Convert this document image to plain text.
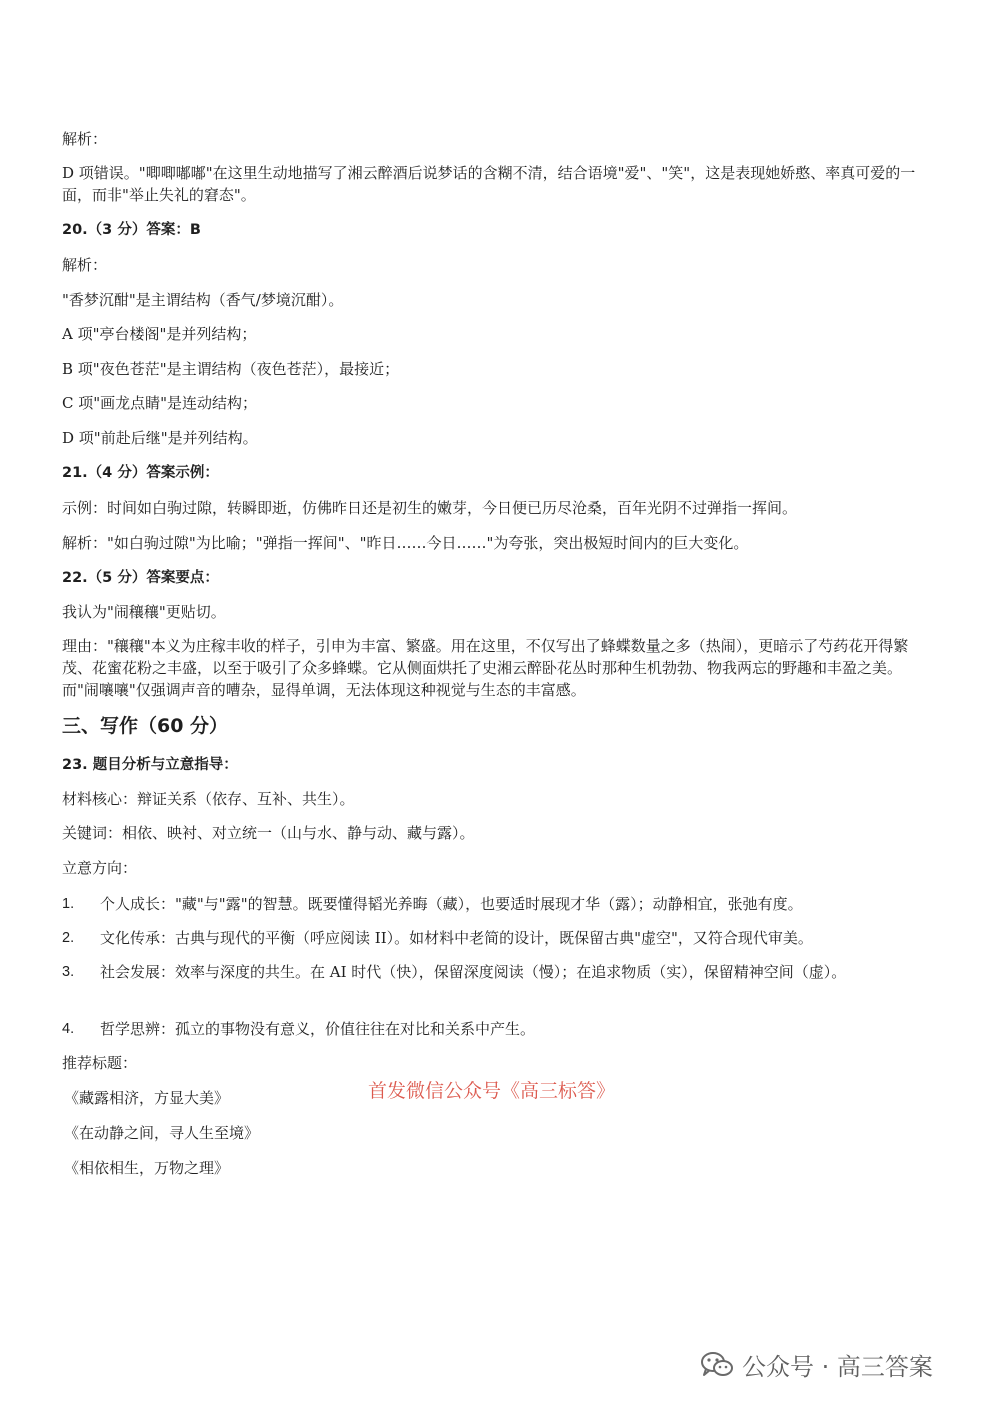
解析：
D 项错误。"唧唧嘟嘟"在这里生动地描写了湘云醉酒后说梦话的含糊不清，结合语境"爱"、"笑"，这是表现她娇憨、率真可爱的一面，而非"举止失礼的窘态"。
20.（3 分）答案：B
解析：
"香梦沉酣"是主谓结构（香气/梦境沉酣）。
A 项"亭台楼阁"是并列结构；
B 项"夜色苍茫"是主谓结构（夜色苍茫），最接近；
C 项"画龙点睛"是连动结构；
D 项"前赴后继"是并列结构。
21.（4 分）答案示例：
示例：时间如白驹过隙，转瞬即逝，仿佛昨日还是初生的嫩芽，今日便已历尽沧桑，百年光阴不过弹指一挥间。
解析："如白驹过隙"为比喻；"弹指一挥间"、"昨日……今日……"为夸张，突出极短时间内的巨大变化。
22.（5 分）答案要点：
我认为"闹穰穰"更贴切。
理由："穰穰"本义为庄稼丰收的样子，引申为丰富、繁盛。用在这里，不仅写出了蜂蝶数量之多（热闹），更暗示了芍药花开得繁茂、花蜜花粉之丰盛，以至于吸引了众多蜂蝶。它从侧面烘托了史湘云醉卧花丛时那种生机勃勃、物我两忘的野趣和丰盈之美。而"闹嚷嚷"仅强调声音的嘈杂，显得单调，无法体现这种视觉与生态的丰富感。
三、写作（60 分）
23. 题目分析与立意指导：
材料核心：辩证关系（依存、互补、共生）。
关键词：相依、映衬、对立统一（山与水、静与动、藏与露）。
立意方向：
1. 个人成长："藏"与"露"的智慧。既要懂得韬光养晦（藏），也要适时展现才华（露）；动静相宜，张弛有度。
2. 文化传承：古典与现代的平衡（呼应阅读 II）。如材料中老简的设计，既保留古典"虚空"，又符合现代审美。
3. 社会发展：效率与深度的共生。在 AI 时代（快），保留深度阅读（慢）；在追求物质（实），保留精神空间（虚）。
4. 哲学思辨：孤立的事物没有意义，价值往往在对比和关系中产生。
推荐标题：
《藏露相济，方显大美》
《在动静之间，寻人生至境》
《相依相生，万物之理》
首发微信公众号《高三标答》
公众号 · 高三答案
